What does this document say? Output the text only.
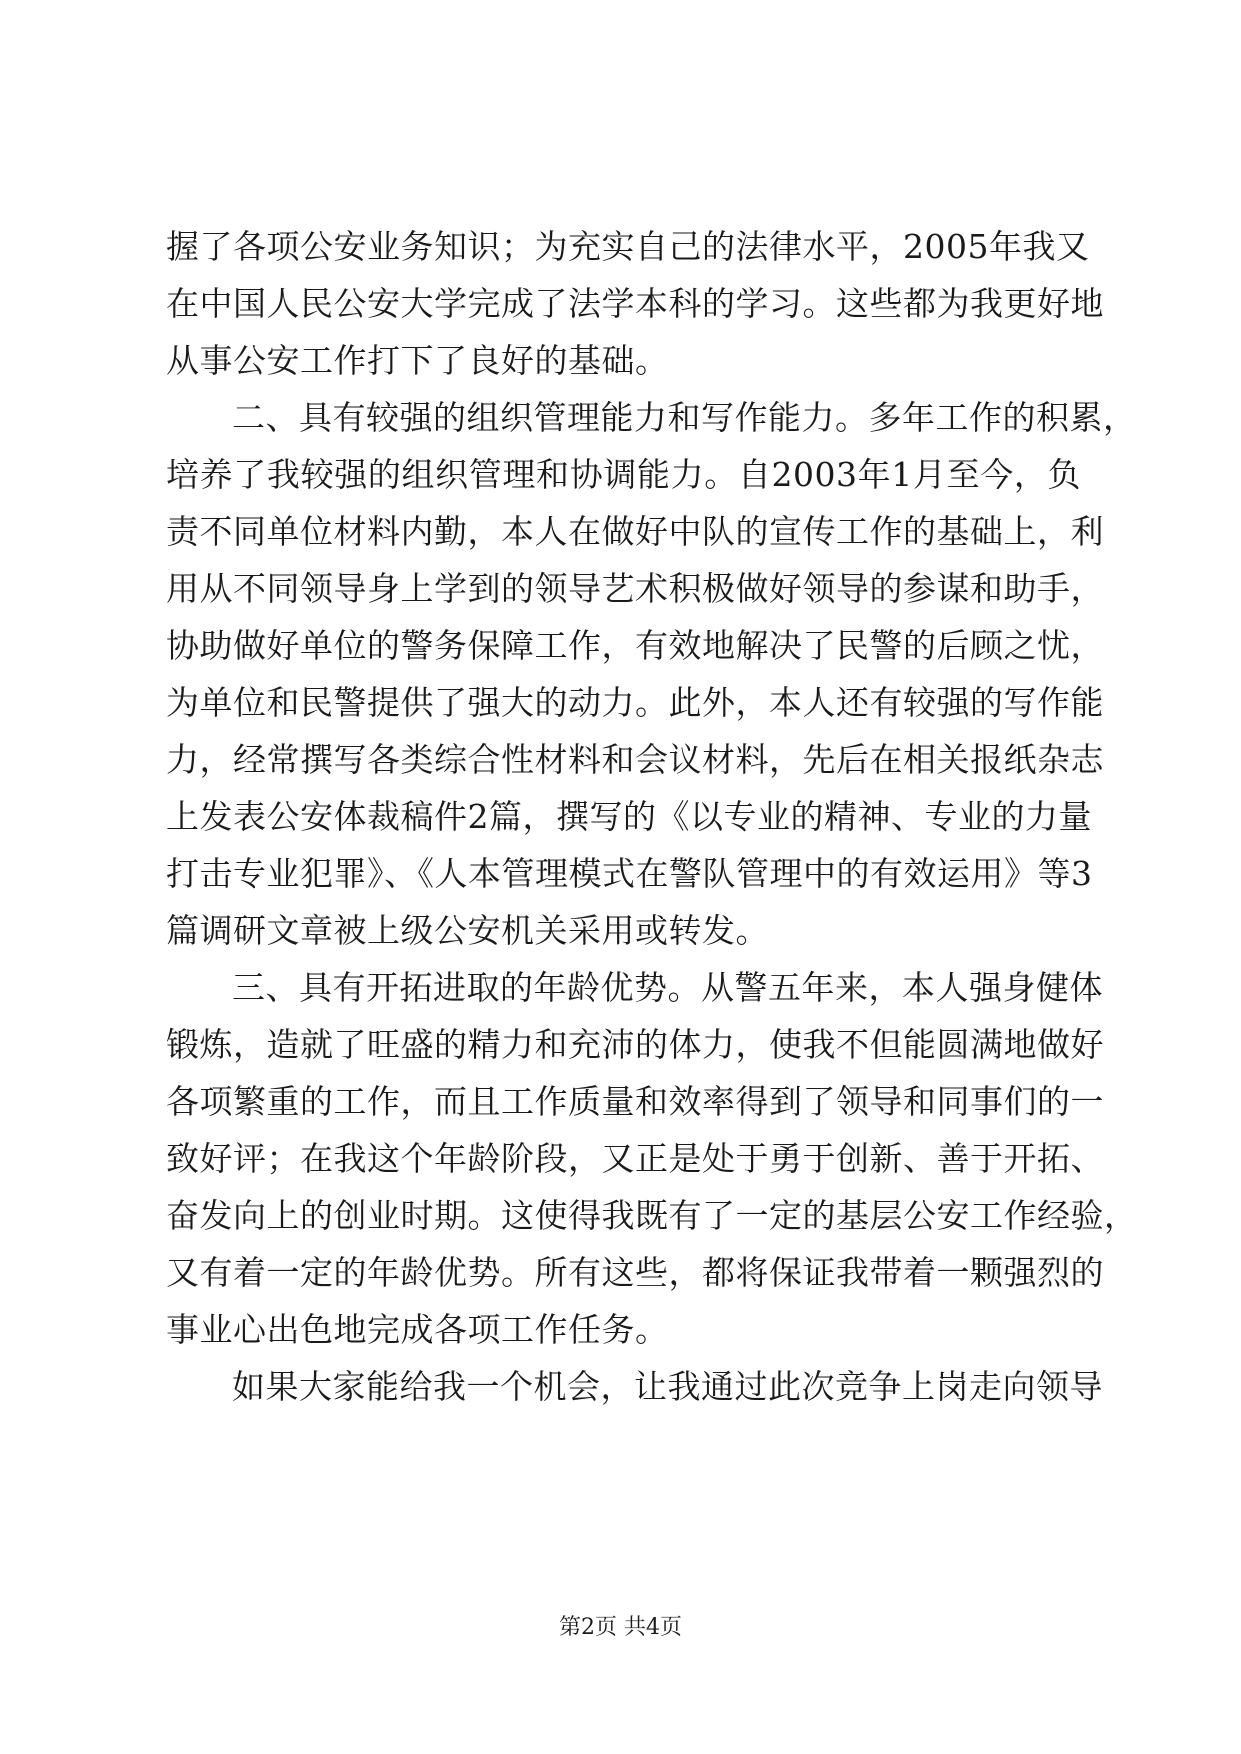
握了各项公安业务知识；为充实自己的法律水平，2005年我又
在中国人民公安大学完成了法学本科的学习。这些都为我更好地
从事公安工作打下了良好的基础。
二、具有较强的组织管理能力和写作能力。多年工作的积累，
培养了我较强的组织管理和协调能力。自2003年1月至今，负
责不同单位材料内勤，本人在做好中队的宣传工作的基础上，利
用从不同领导身上学到的领导艺术积极做好领导的参谋和助手，
协助做好单位的警务保障工作，有效地解决了民警的后顾之忧，
为单位和民警提供了强大的动力。此外，本人还有较强的写作能
力，经常撰写各类综合性材料和会议材料，先后在相关报纸杂志
上发表公安体裁稿件2篇，撰写的《以专业的精神、专业的力量
打击专业犯罪》、《人本管理模式在警队管理中的有效运用》等3
篇调研文章被上级公安机关采用或转发。
三、具有开拓进取的年龄优势。从警五年来，本人强身健体
锻炼，造就了旺盛的精力和充沛的体力，使我不但能圆满地做好
各项繁重的工作，而且工作质量和效率得到了领导和同事们的一
致好评；在我这个年龄阶段，又正是处于勇于创新、善于开拓、
奋发向上的创业时期。这使得我既有了一定的基层公安工作经验，
又有着一定的年龄优势。所有这些，都将保证我带着一颗强烈的
事业心出色地完成各项工作任务。
如果大家能给我一个机会，让我通过此次竞争上岗走向领导
第2页 共4页
